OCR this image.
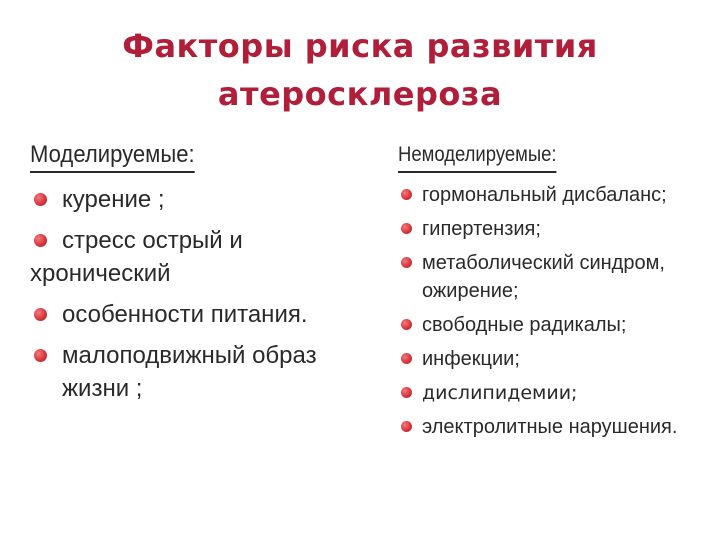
Факторы риска развития
атеросклероза
Моделируемые:
курение ;
стресс острый и
хронический
особенности питания.
малоподвижный образ
жизни ;
Немоделируемые:
гормональный дисбаланс;
гипертензия;
метаболический синдром,
ожирение;
свободные радикалы;
инфекции;
дислипидемии;
электролитные нарушения.
